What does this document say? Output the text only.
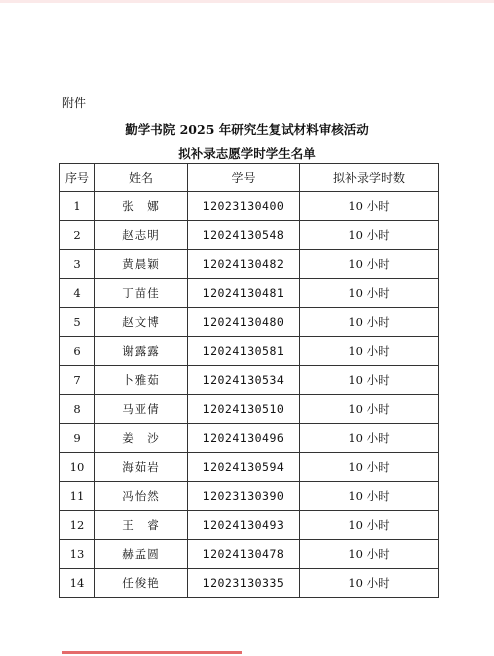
附件
勤学书院 2025 年研究生复试材料审核活动
拟补录志愿学时学生名单
序号	姓名	学号	拟补录学时数
1	张　娜	12023130400	10 小时
2	赵志明	12024130548	10 小时
3	黄晨颖	12024130482	10 小时
4	丁苗佳	12024130481	10 小时
5	赵文博	12024130480	10 小时
6	谢露露	12024130581	10 小时
7	卜雅茹	12024130534	10 小时
8	马亚倩	12024130510	10 小时
9	姜　沙	12024130496	10 小时
10	海茹岩	12024130594	10 小时
11	冯怡然	12023130390	10 小时
12	王　睿	12024130493	10 小时
13	赫孟圆	12024130478	10 小时
14	任俊艳	12023130335	10 小时
